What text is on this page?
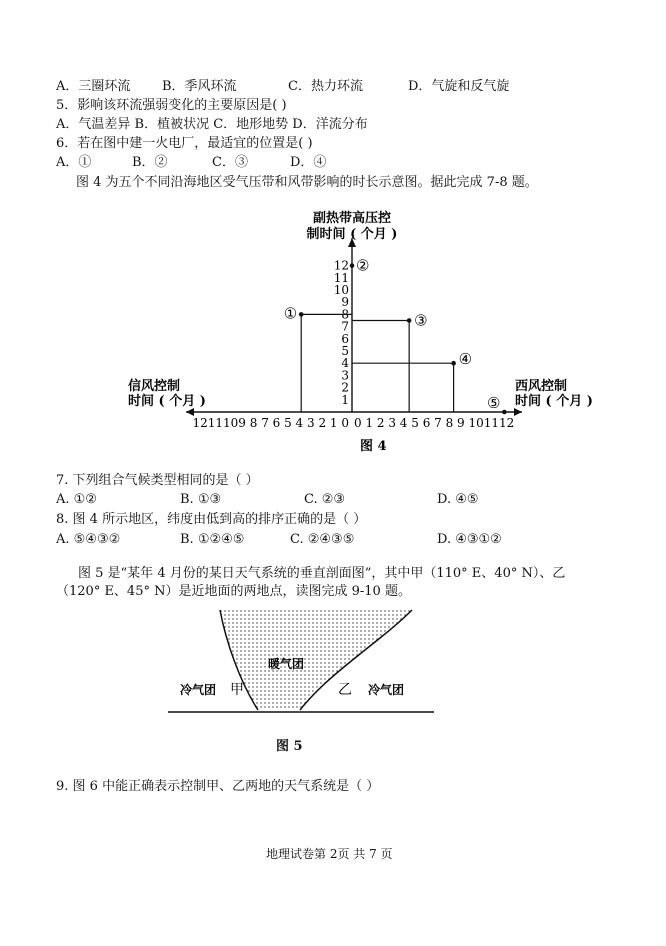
A．三圈环流 B．季风环流	C．热力环流	D．气旋和反气旋
5．影响该环流强弱变化的主要原因是( )
A．气温差异 B．植被状况 C．地形地势 D．洋流分布
6．若在图中建一火电厂，最适宜的位置是( )
A．①	B．②	C．③	D．④
图 4 为五个不同沿海地区受气压带和风带影响的时长示意图。据此完成 7-8 题。
1
2
3
4
5
6
7
8
9
10
11
12
1211109 8 7 6 5 4 3 2 1 0 0 1 2 3 4 5 6 7 8 9 101112
副热带高压控
制时间 ( 个月 )
信风控制
时间 ( 个月 )
西风控制
时间 ( 个月 )
图 4
①
②
③
④
⑤
7. 下列组合气候类型相同的是（ ）
A. ①②	B. ①③	C. ②③	D. ④⑤
8. 图 4 所示地区，纬度由低到高的排序正确的是（ ）
A. ⑤④③②	B. ①②④⑤	C. ②④③⑤	D. ④③①②
图 5 是“某年 4 月份的某日天气系统的垂直剖面图”，其中甲（110° E、40° N）、乙
（120° E、45° N）是近地面的两地点，读图完成 9-10 题。
暖气团
冷气团 甲	乙 冷气团
图 5
9. 图 6 中能正确表示控制甲、乙两地的天气系统是（ ）
地理试卷第 2页 共 7 页
